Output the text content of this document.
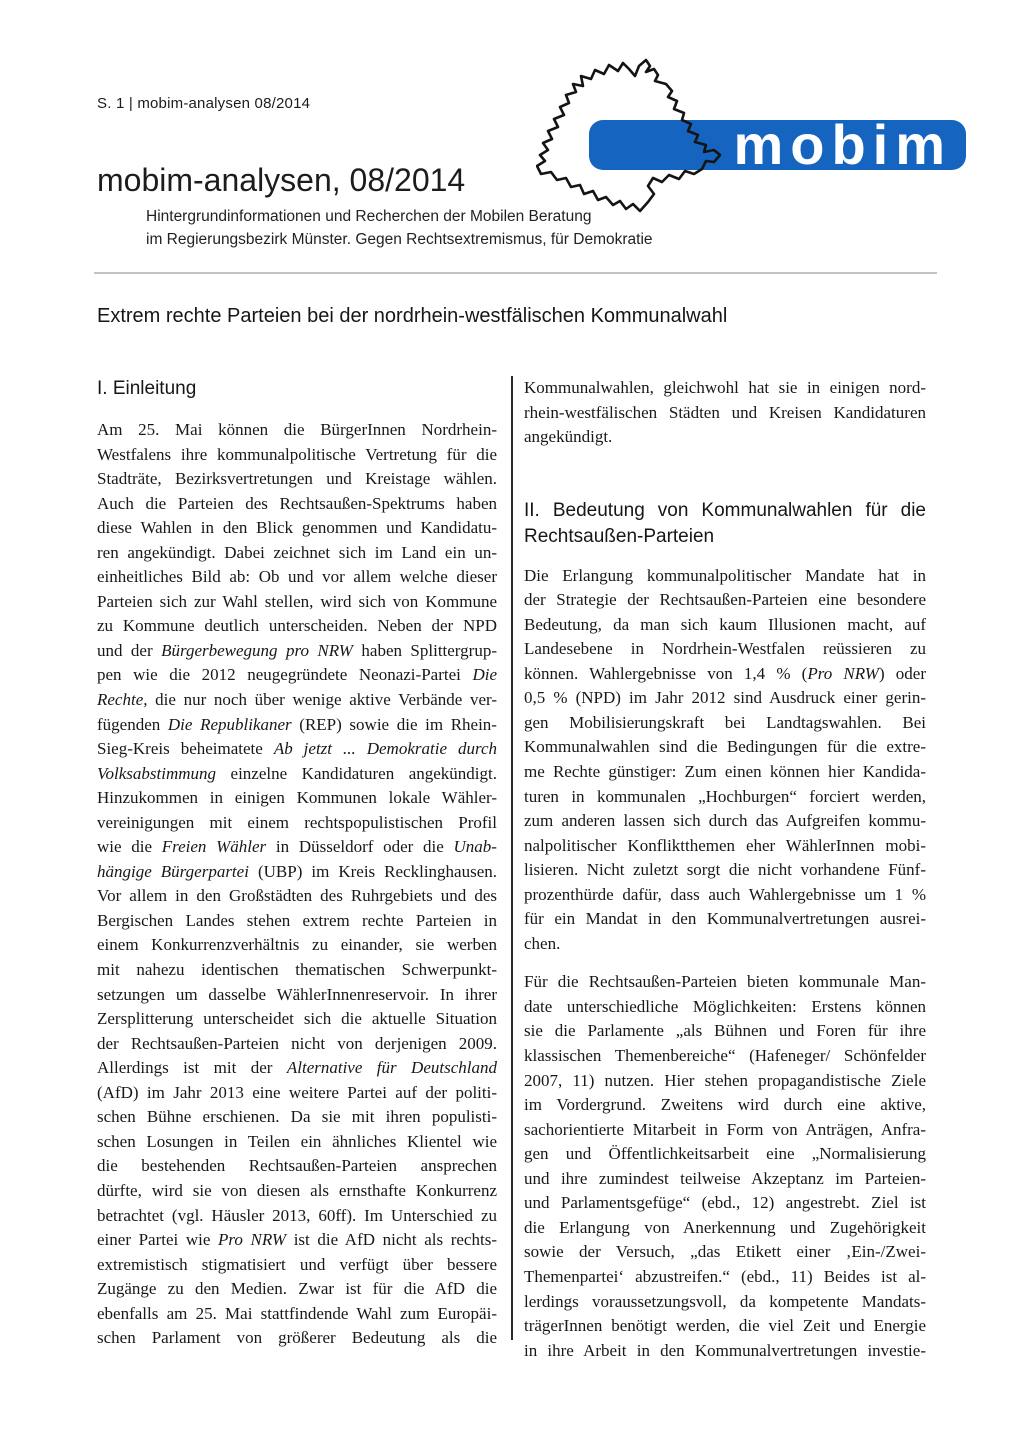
S. 1 | mobim-analysen 08/2014
mobim
mobim-analysen, 08/2014
Hintergrundinformationen und Recherchen der Mobilen Beratung
im Regierungsbezirk Münster. Gegen Rechtsextremismus, für Demokratie
Extrem rechte Parteien bei der nordrhein-westfälischen Kommunalwahl
I. Einleitung
Am 25. Mai können die BürgerInnen Nordrhein-
Westfalens ihre kommunalpolitische Vertretung für die
Stadträte, Bezirksvertretungen und Kreistage wählen.
Auch die Parteien des Rechtsaußen-Spektrums haben
diese Wahlen in den Blick genommen und Kandidatu-
ren angekündigt. Dabei zeichnet sich im Land ein un-
einheitliches Bild ab: Ob und vor allem welche dieser
Parteien sich zur Wahl stellen, wird sich von Kommune
zu Kommune deutlich unterscheiden. Neben der NPD
und der Bürgerbewegung pro NRW haben Splittergrup-
pen wie die 2012 neugegründete Neonazi-Partei Die
Rechte, die nur noch über wenige aktive Verbände ver-
fügenden Die Republikaner (REP) sowie die im Rhein-
Sieg-Kreis beheimatete Ab jetzt ... Demokratie durch
Volksabstimmung einzelne Kandidaturen angekündigt.
Hinzukommen in einigen Kommunen lokale Wähler-
vereinigungen mit einem rechtspopulistischen Profil
wie die Freien Wähler in Düsseldorf oder die Unab-
hängige Bürgerpartei (UBP) im Kreis Recklinghausen.
Vor allem in den Großstädten des Ruhrgebiets und des
Bergischen Landes stehen extrem rechte Parteien in
einem Konkurrenzverhältnis zu einander, sie werben
mit nahezu identischen thematischen Schwerpunkt-
setzungen um dasselbe WählerInnenreservoir. In ihrer
Zersplitterung unterscheidet sich die aktuelle Situation
der Rechtsaußen-Parteien nicht von derjenigen 2009.
Allerdings ist mit der Alternative für Deutschland
(AfD) im Jahr 2013 eine weitere Partei auf der politi-
schen Bühne erschienen. Da sie mit ihren populisti-
schen Losungen in Teilen ein ähnliches Klientel wie
die bestehenden Rechtsaußen-Parteien ansprechen
dürfte, wird sie von diesen als ernsthafte Konkurrenz
betrachtet (vgl. Häusler 2013, 60ff). Im Unterschied zu
einer Partei wie Pro NRW ist die AfD nicht als rechts-
extremistisch stigmatisiert und verfügt über bessere
Zugänge zu den Medien. Zwar ist für die AfD die
ebenfalls am 25. Mai stattfindende Wahl zum Europäi-
schen Parlament von größerer Bedeutung als die
Kommunalwahlen, gleichwohl hat sie in einigen nord-
rhein-westfälischen Städten und Kreisen Kandidaturen
angekündigt.
II. Bedeutung von Kommunalwahlen für die
Rechtsaußen-Parteien
Die Erlangung kommunalpolitischer Mandate hat in
der Strategie der Rechtsaußen-Parteien eine besondere
Bedeutung, da man sich kaum Illusionen macht, auf
Landesebene in Nordrhein-Westfalen reüssieren zu
können. Wahlergebnisse von 1,4 % (Pro NRW) oder
0,5 % (NPD) im Jahr 2012 sind Ausdruck einer gerin-
gen Mobilisierungskraft bei Landtagswahlen. Bei
Kommunalwahlen sind die Bedingungen für die extre-
me Rechte günstiger: Zum einen können hier Kandida-
turen in kommunalen „Hochburgen“ forciert werden,
zum anderen lassen sich durch das Aufgreifen kommu-
nalpolitischer Konfliktthemen eher WählerInnen mobi-
lisieren. Nicht zuletzt sorgt die nicht vorhandene Fünf-
prozenthürde dafür, dass auch Wahlergebnisse um 1 %
für ein Mandat in den Kommunalvertretungen ausrei-
chen.
Für die Rechtsaußen-Parteien bieten kommunale Man-
date unterschiedliche Möglichkeiten: Erstens können
sie die Parlamente „als Bühnen und Foren für ihre
klassischen Themenbereiche“ (Hafeneger/ Schönfelder
2007, 11) nutzen. Hier stehen propagandistische Ziele
im Vordergrund. Zweitens wird durch eine aktive,
sachorientierte Mitarbeit in Form von Anträgen, Anfra-
gen und Öffentlichkeitsarbeit eine „Normalisierung
und ihre zumindest teilweise Akzeptanz im Parteien-
und Parlamentsgefüge“ (ebd., 12) angestrebt. Ziel ist
die Erlangung von Anerkennung und Zugehörigkeit
sowie der Versuch, „das Etikett einer ‚Ein-/Zwei-
Themenpartei‘ abzustreifen.“ (ebd., 11) Beides ist al-
lerdings voraussetzungsvoll, da kompetente Mandats-
trägerInnen benötigt werden, die viel Zeit und Energie
in ihre Arbeit in den Kommunalvertretungen investie-
